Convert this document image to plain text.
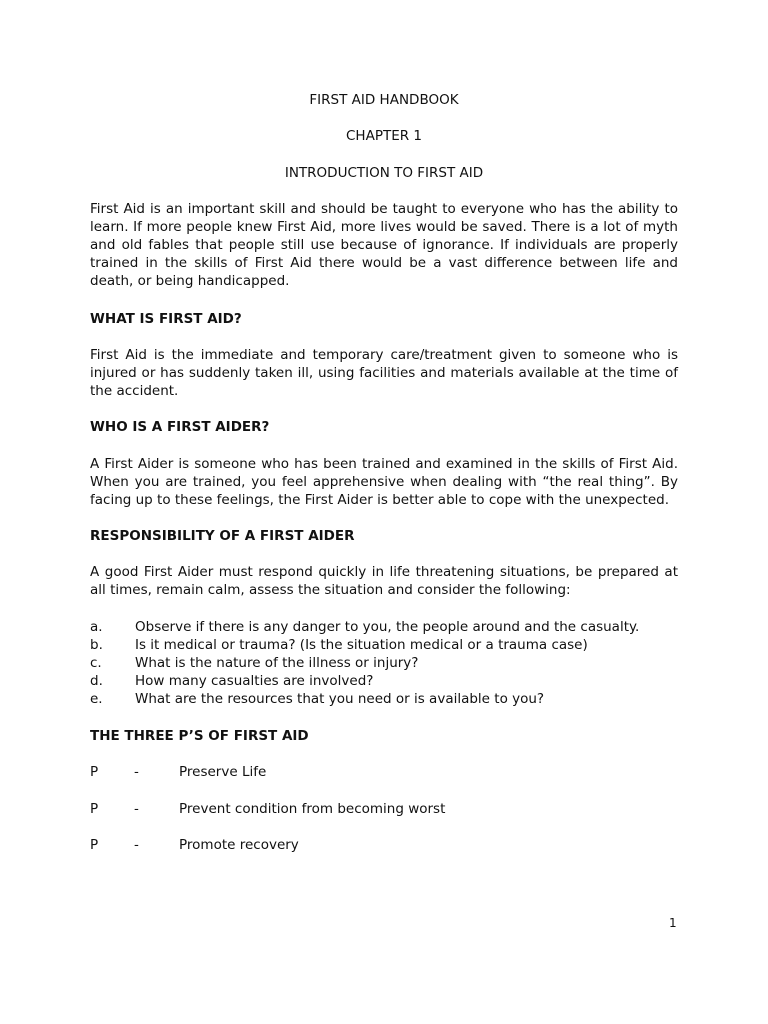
FIRST AID HANDBOOK
CHAPTER 1
INTRODUCTION TO FIRST AID

First Aid is an important skill and should be taught to everyone who has the ability to learn. If more people knew First Aid, more lives would be saved. There is a lot of myth and old fables that people still use because of ignorance. If individuals are properly trained in the skills of First Aid there would be a vast difference between life and death, or being handicapped.

WHAT IS FIRST AID?

First Aid is the immediate and temporary care/treatment given to someone who is injured or has suddenly taken ill, using facilities and materials available at the time of the accident.

WHO IS A FIRST AIDER?

A First Aider is someone who has been trained and examined in the skills of First Aid. When you are trained, you feel apprehensive when dealing with “the real thing”. By facing up to these feelings, the First Aider is better able to cope with the unexpected.

RESPONSIBILITY OF A FIRST AIDER

A good First Aider must respond quickly in life threatening situations, be prepared at all times, remain calm, assess the situation and consider the following:

a. Observe if there is any danger to you, the people around and the casualty.
b. Is it medical or trauma? (Is the situation medical or a trauma case)
c. What is the nature of the illness or injury?
d. How many casualties are involved?
e. What are the resources that you need or is available to you?
THE THREE P’S OF FIRST AID
P	-	Preserve Life
P	-	Prevent condition from becoming worst
P	-	Promote recovery
1
